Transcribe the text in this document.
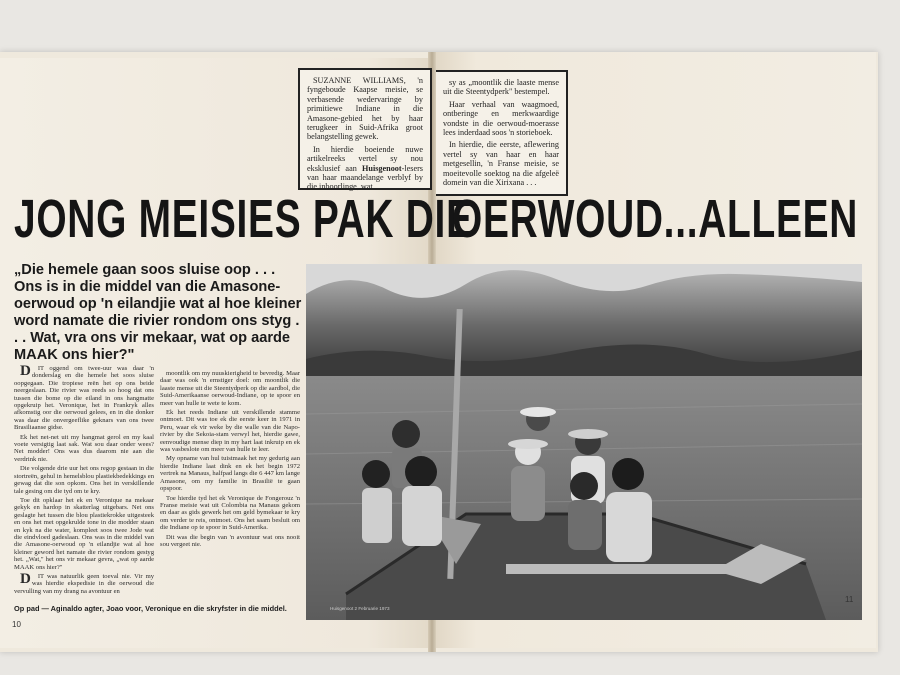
SUZANNE WILLIAMS, 'n fyngeboude Kaapse meisie, se verbasende wedervaringe by primitiewe Indiane in die Amasone-gebied het by haar terugkeer in Suid-Afrika groot belangstelling gewek.

In hierdie boeiende nuwe artikelreeks vertel sy nou eksklusief aan Huisgenoot-lesers van haar maandelange verblyf by die inboorlinge, wat

sy as „moontlik die laaste mense uit die Steentydperk" bestempel.

Haar verhaal van waagmoed, ontberinge en merkwaardige vondste in die oerwoud-moerasse lees inderdaad soos 'n storieboek.

In hierdie, die eerste, aflewering vertel sy van haar en haar metgesellin, 'n Franse meisie, se moeitevolle soektog na die afgeleë domein van die Xirixana . . .

JONG MEISIES PAK DIE
OERWOUD...ALLEEN
„Die hemele gaan soos sluise oop . . . Ons is in die middel van die Amasone-oerwoud op 'n eilandjie wat al hoe kleiner word namate die rivier rondom ons styg . . . Wat, vra ons vir mekaar, wat op aarde MAAK ons hier?"

D IT oggend om twee-uur was daar 'n donderslag en die hemele het soos sluise oopgegaan. Die tropiese reën het op ons beide neergeslaan. Die rivier was reeds so hoog dat ons tussen die bome op die eiland in ons hangmatte opgekruip het. Veronique, het in Frankryk alles afkomstig oor die oerwoud gelees, en in die donker was daar die onvergeeflike geknars van ons twee Brasiliaanse gidse.

Ek het net-net uit my hangmat gerol en my kaal voete versigtig laat sak. Wat sou daar onder wees? Net modder! Ons was dus daarom nie aan die verdrink nie.

Die volgende drie uur het ons regop gestaan in die stortreën, gehul in hemelsblou plastiekbedekkings en gewag dat die son opkom. Ons het in verskillende tale gesing om die tyd om te kry.

Toe dit opklaar het ek en Veronique na mekaar gekyk en hardop in skatterlag uitgebars. Net ons geslagte het tussen die blou plastiekrokke uitgesteek en ons het met opgekrulde tone in die modder staan en kyk na die water, kompleet soos twee Jode wat die eindvloed gadeslaan. Ons was in die middel van die Amasone-oerwoud op 'n eilandjie wat al hoe kleiner geword het namate die rivier rondom gestyg het. „Wat," het ons vir mekaar gevra, „wat op aarde MAAK ons hier?"

D IT was natuurlik geen toeval nie. Vir my was hierdie ekspedisie in die oerwoud die vervulling van my drang na avontuur en

moontlik om my nuuskierigheid te bevredig. Maar daar was ook 'n ernstiger doel: om moontlik die laaste mense uit die Steentydperk op die aardbol, die Suid-Amerikaanse oerwoud-Indiane, op te spoor en meer van hulle te wete te kom.

Ek het reeds Indiane uit verskillende stamme ontmoet. Dit was toe ek die eerste keer in 1971 in Peru, waar ek vir weke by die walle van die Napo-rivier by die Sekoia-stam verwyl het, hierdie gawe, eenvoudige mense diep in my hart laat inkruip en ek was vasbeslote om meer van hulle te leer.

My opname van hul tuistmaak het my gedurig aan hierdie Indiane laat dink en ek het begin 1972 vertrek na Manaus, halfpad langs die 6 447 km lange Amasone, om my familie in Brasilië te gaan opspoor.

Toe hierdie tyd het ek Veronique de Fongerouz 'n Franse meisie wat uit Colombia na Manaus gekom en daar as gids gewerk het om geld bymekaar te kry om verder te reis, ontmoet. Ons het saam besluit om die Indiane op te spoor in Suid-Amerika.

Dit was die begin van 'n avontuur wat ons nooit sou vergeet nie.

Op pad — Aginaldo agter, Joao voor, Veronique en die skryfster in die middel.	Huisgenoot 2 Februarie 1973
10
11
